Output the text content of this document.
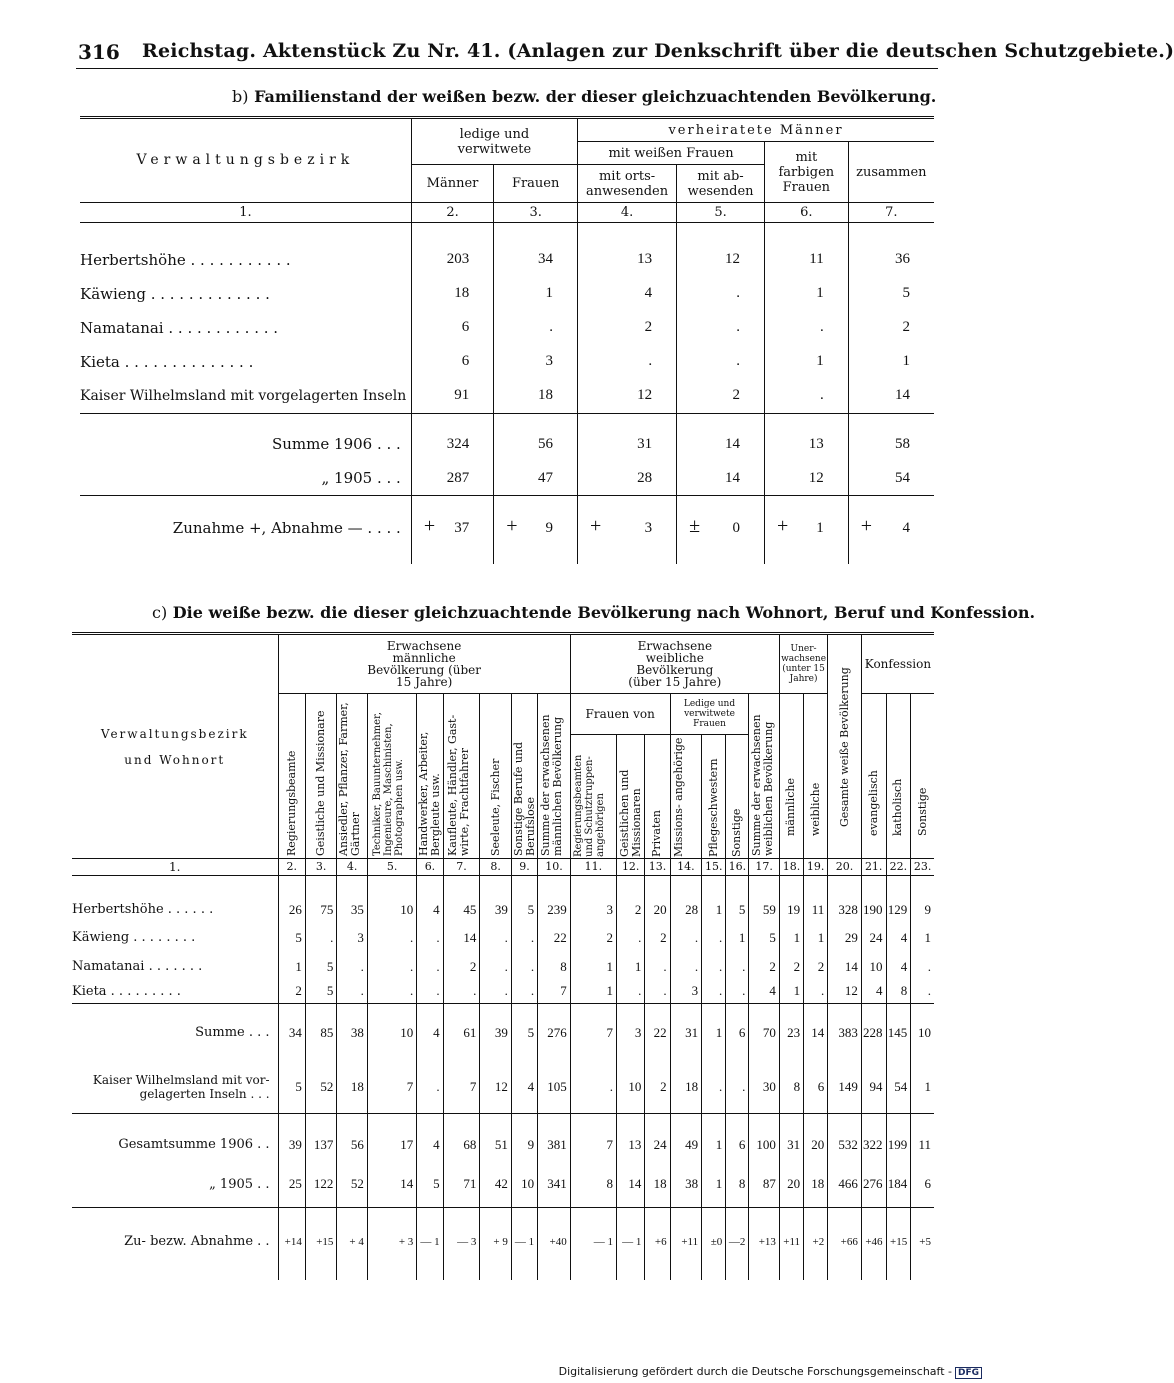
316 Reichstag. Aktenstück Zu Nr. 41. (Anlagen zur Denkschrift über die deutschen Schutzgebiete.)
b) Familienstand der weißen bezw. der dieser gleichzuachtenden Bevölkerung.
Verwaltungsbezirk	ledige und verwitwete		verheiratete Männer			
			mit weißen Frauen		mit farbigen Frauen	zusammen
	Männer	Frauen	mit orts- anwesenden	mit ab- wesenden		
1.	2.	3.	4.	5.	6.	7.

Herbertshöhe . . . . . . . . . . .	203	34	13	12	11	36
Käwieng . . . . . . . . . . . . .	18	1	4	.	1	5
Namatanai . . . . . . . . . . . .	6	.	2	.	.	2
Kieta . . . . . . . . . . . . . .	6	3	.	.	1	1
Kaiser Wilhelmsland mit vorgelagerten Inseln	91	18	12	2	.	14

Summe 1906 . . .	324	56	31	14	13	58
„ 1905 . . .	287	47	28	14	12	54

Zunahme +, Abnahme — . . . .	+ 37	+ 9	+ 3	± 0	+ 1	+ 4

c) Die weiße bezw. die dieser gleichzuachtende Bevölkerung nach Wohnort, Beruf und Konfession.
Verwaltungsbezirk und Wohnort	Erwachsene männliche Bevölkerung (über 15 Jahre)									Erwachsene weibliche Bevölkerung (über 15 Jahre)							Uner- wachsene (unter 15 Jahre)		Gesamte weiße Bevölkerung	Konfession		

	Regierungsbeamte	Geistliche und Missionare	Ansiedler, Pflanzer, Farmer, Gärtner	Techniker, Bauunternehmer, Ingenieure, Maschinisten, Photographen usw.	Handwerker, Arbeiter, Bergleute usw.	Kaufleute, Händler, Gast- wirte, Frachtfahrer	Seeleute, Fischer	Sonstige Berufe und Berufslose	Summe der erwachsenen männlichen Bevölkerung	Frauen von			Ledige und verwitwete Frauen			Summe der erwachsenen weiblichen Bevölkerung	männliche	weibliche		evangelisch	katholisch	Sonstige

										Regierungsbeamten und Schutztruppen- angehörigen	Geistlichen und Missionaren	Privaten	Missions- angehörige	Pflegeschwestern	Sonstige							

1.	2.	3.	4.	5.	6.	7.	8.	9.	10.	11.	12.	13.	14.	15.	16.	17.	18.	19.	20.	21.	22.	23.

Herbertshöhe . . . . . .	26	75	35	10	4	45	39	5	239	3	2	20	28	1	5	59	19	11	328	190	129	9
Käwieng . . . . . . . .	5	.	3	.	.	14	.	.	22	2	.	2	.	.	1	5	1	1	29	24	4	1
Namatanai . . . . . . .	1	5	.	.	.	2	.	.	8	1	1	.	.	.	.	2	2	2	14	10	4	.
Kieta . . . . . . . . .	2	5	.	.	.	.	.	.	7	1	.	.	3	.	.	4	1	.	12	4	8	.

Summe . . .	34	85	38	10	4	61	39	5	276	7	3	22	31	1	6	70	23	14	383	228	145	10

Kaiser Wilhelmsland mit vor- gelagerten Inseln . . .	5	52	18	7	.	7	12	4	105	.	10	2	18	.	.	30	8	6	149	94	54	1

Gesamtsumme 1906 . .	39	137	56	17	4	68	51	9	381	7	13	24	49	1	6	100	31	20	532	322	199	11
„ 1905 . .	25	122	52	14	5	71	42	10	341	8	14	18	38	1	8	87	20	18	466	276	184	6

Zu- bezw. Abnahme . .	+14	+15	+ 4	+ 3	— 1	— 3	+ 9	— 1	+40	— 1	— 1	+6	+11	±0	—2	+13	+11	+2	+66	+46	+15	+5

Digitalisierung gefördert durch die Deutsche Forschungsgemeinschaft - DFG
